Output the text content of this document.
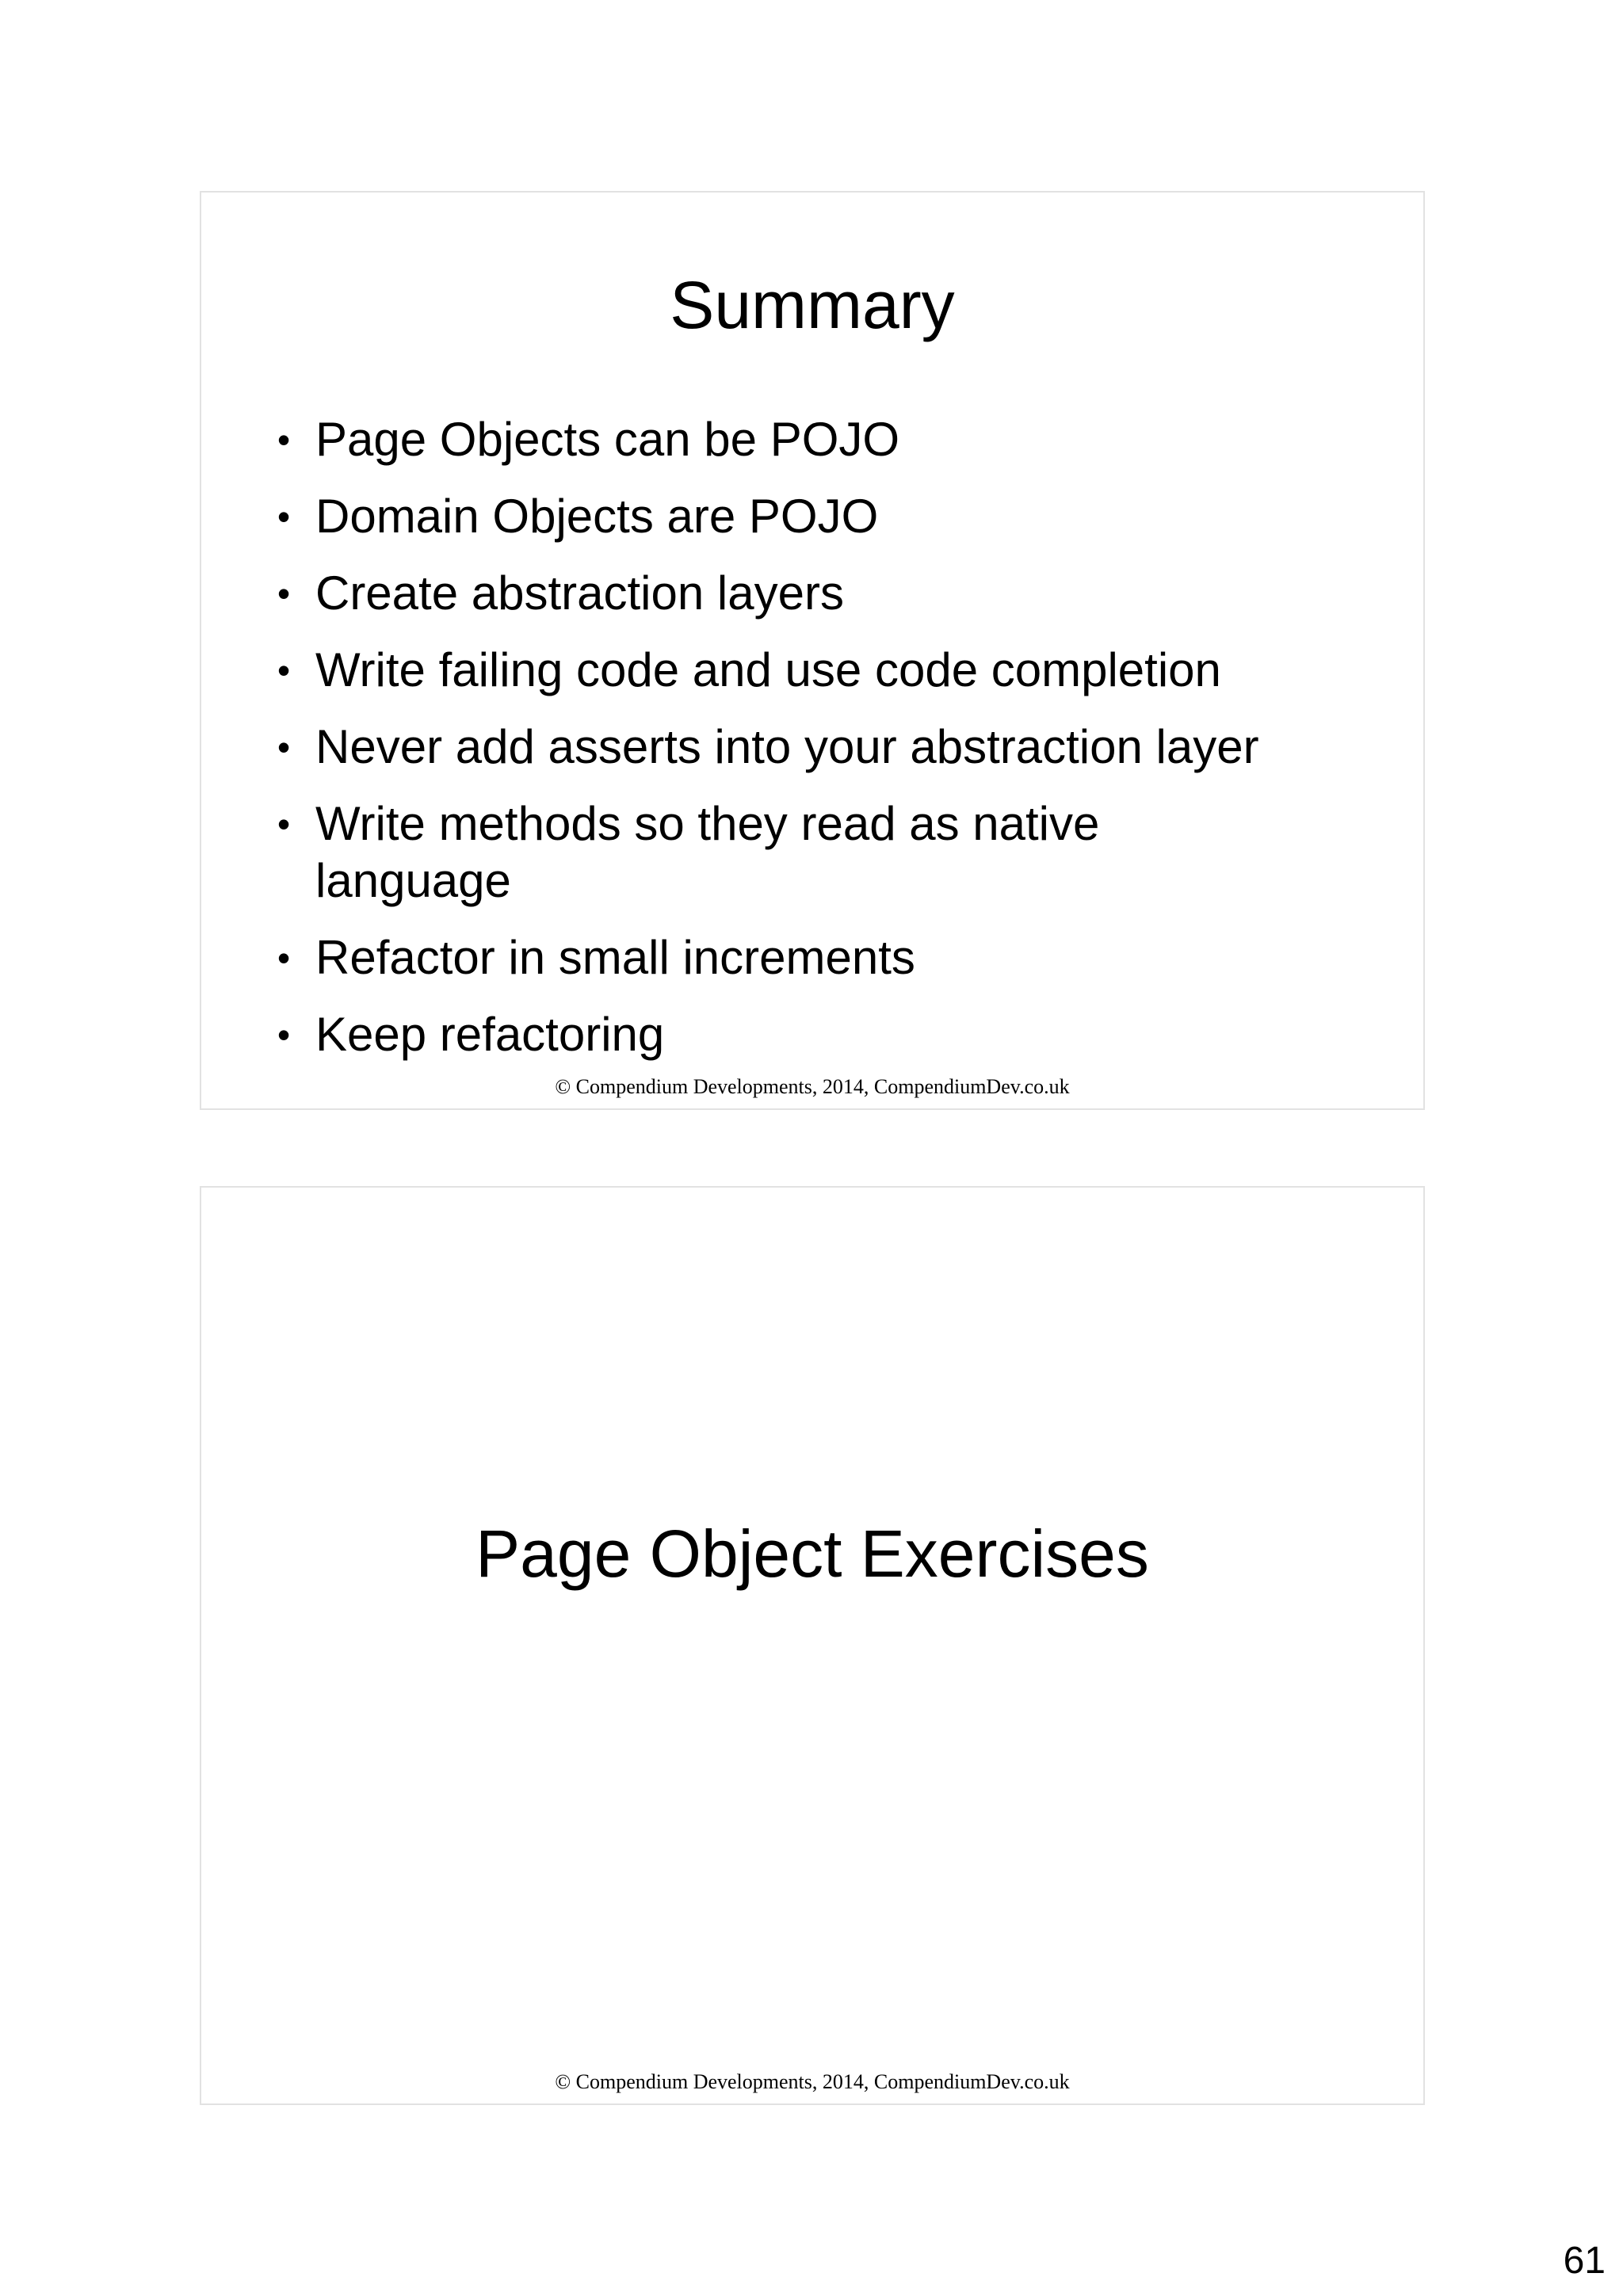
Summary
• Page Objects can be POJO
• Domain Objects are POJO
• Create abstraction layers
• Write failing code and use code completion
• Never add asserts into your abstraction layer
• Write methods so they read as native language
• Refactor in small increments
• Keep refactoring
© Compendium Developments, 2014, CompendiumDev.co.uk
Page Object Exercises
© Compendium Developments, 2014, CompendiumDev.co.uk
61
